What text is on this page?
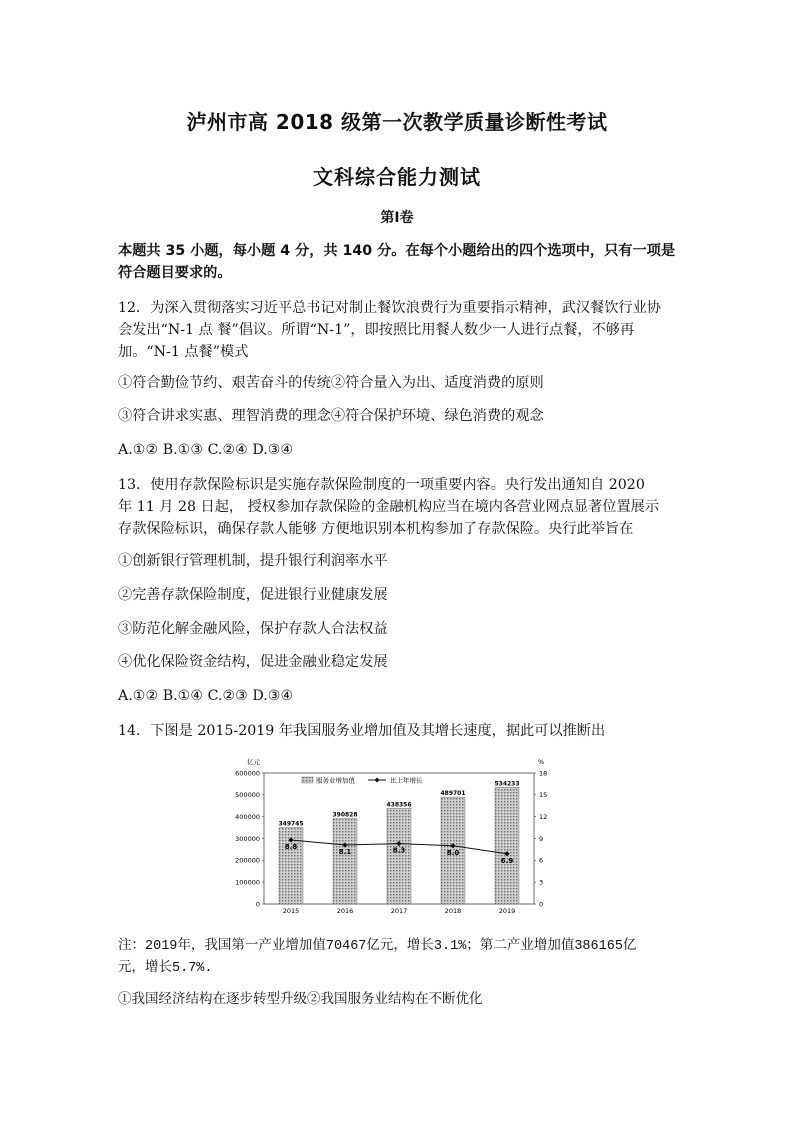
泸州市高 2018 级第一次教学质量诊断性考试
文科综合能力测试
第Ⅰ卷
本题共 35 小题，每小题 4 分，共 140 分。在每个小题给出的四个选项中，只有一项是
符合题目要求的。
12．为深入贯彻落实习近平总书记对制止餐饮浪费行为重要指示精神，武汉餐饮行业协
会发出“N-1 点 餐”倡议。所谓“N-1”，即按照比用餐人数少一人进行点餐，不够再
加。“N-1 点餐”模式
①符合勤俭节约、艰苦奋斗的传统②符合量入为出、适度消费的原则
③符合讲求实惠、理智消费的理念④符合保护环境、绿色消费的观念
A.①② B.①③ C.②④ D.③④
13．使用存款保险标识是实施存款保险制度的一项重要内容。央行发出通知自 2020
年 11 月 28 日起， 授权参加存款保险的金融机构应当在境内各营业网点显著位置展示
存款保险标识，确保存款人能够 方便地识别本机构参加了存款保险。央行此举旨在
①创新银行管理机制，提升银行利润率水平
②完善存款保险制度，促进银行业健康发展
③防范化解金融风险，保护存款人合法权益
④优化保险资金结构，促进金融业稳定发展
A.①② B.①④ C.②③ D.③④
14．下图是 2015-2019 年我国服务业增加值及其增长速度，据此可以推断出
亿元	%
600000
500000
400000
300000
200000
100000
0
18
15
12
9
6
3
0
349745
2015
390828
2016
438356
2017
489701
2018
534233
2019
8.8
8.1	8.3	8.0
6.9
服务业增加值	比上年增长
注：2019年，我国第一产业增加值70467亿元，增长3.1%；第二产业增加值386165亿
元，增长5.7%.
①我国经济结构在逐步转型升级②我国服务业结构在不断优化
